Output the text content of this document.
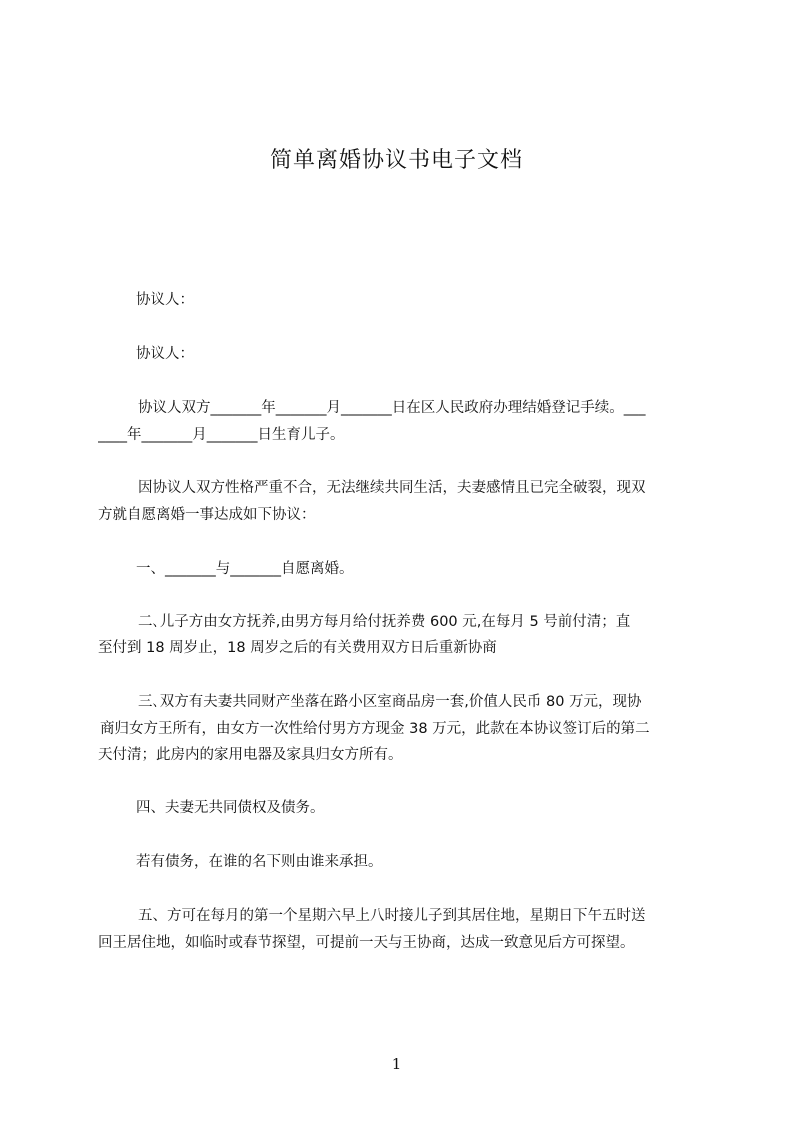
简单离婚协议书电子文档
协议人：
协议人：
协议人双方_______年_______月_______日在区人民政府办理结婚登记手续。___
____年_______月_______日生育儿子。
因协议人双方性格严重不合，无法继续共同生活，夫妻感情且已完全破裂，现双
方就自愿离婚一事达成如下协议：
一、_______与_______自愿离婚。
二､儿子方由女方抚养,由男方每月给付抚养费 600 元,在每月 5 号前付清；直
至付到 18 周岁止，18 周岁之后的有关费用双方日后重新协商
三､双方有夫妻共同财产坐落在路小区室商品房一套,价值人民币 80 万元，现协
商归女方王所有，由女方一次性给付男方方现金 38 万元，此款在本协议签订后的第二
天付清；此房内的家用电器及家具归女方所有。
四、夫妻无共同债权及债务。
若有债务，在谁的名下则由谁来承担。
五、方可在每月的第一个星期六早上八时接儿子到其居住地，星期日下午五时送
回王居住地，如临时或春节探望，可提前一天与王协商，达成一致意见后方可探望。
1
